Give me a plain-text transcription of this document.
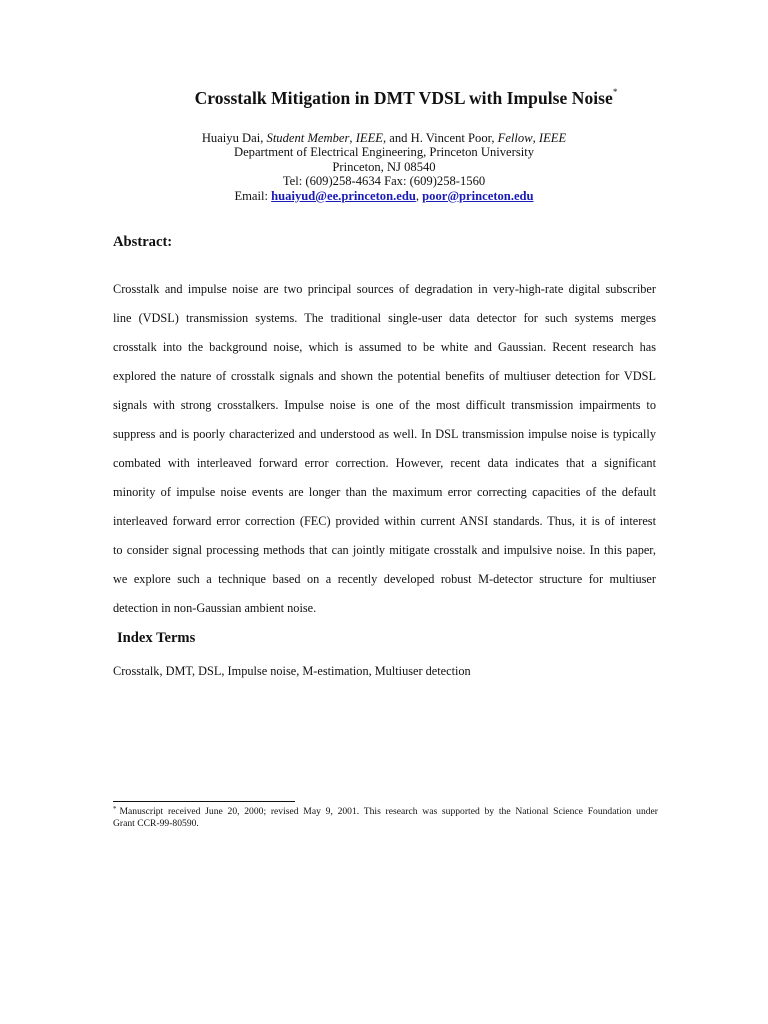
Crosstalk Mitigation in DMT VDSL with Impulse Noise*
Huaiyu Dai, Student Member, IEEE, and H. Vincent Poor, Fellow, IEEE
Department of Electrical Engineering, Princeton University
Princeton, NJ 08540
Tel: (609)258-4634 Fax: (609)258-1560
Email: huaiyud@ee.princeton.edu, poor@princeton.edu
Abstract:
Crosstalk and impulse noise are two principal sources of degradation in very-high-rate digital subscriber
line (VDSL) transmission systems. The traditional single-user data detector for such systems merges
crosstalk into the background noise, which is assumed to be white and Gaussian. Recent research has
explored the nature of crosstalk signals and shown the potential benefits of multiuser detection for VDSL
signals with strong crosstalkers. Impulse noise is one of the most difficult transmission impairments to
suppress and is poorly characterized and understood as well. In DSL transmission impulse noise is typically
combated with interleaved forward error correction. However, recent data indicates that a significant
minority of impulse noise events are longer than the maximum error correcting capacities of the default
interleaved forward error correction (FEC) provided within current ANSI standards. Thus, it is of interest
to consider signal processing methods that can jointly mitigate crosstalk and impulsive noise. In this paper,
we explore such a technique based on a recently developed robust M-detector structure for multiuser
detection in non-Gaussian ambient noise.
Index Terms
Crosstalk, DMT, DSL, Impulse noise, M-estimation, Multiuser detection
* Manuscript received June 20, 2000; revised May 9, 2001. This research was supported by the National Science Foundation under
Grant CCR-99-80590.
